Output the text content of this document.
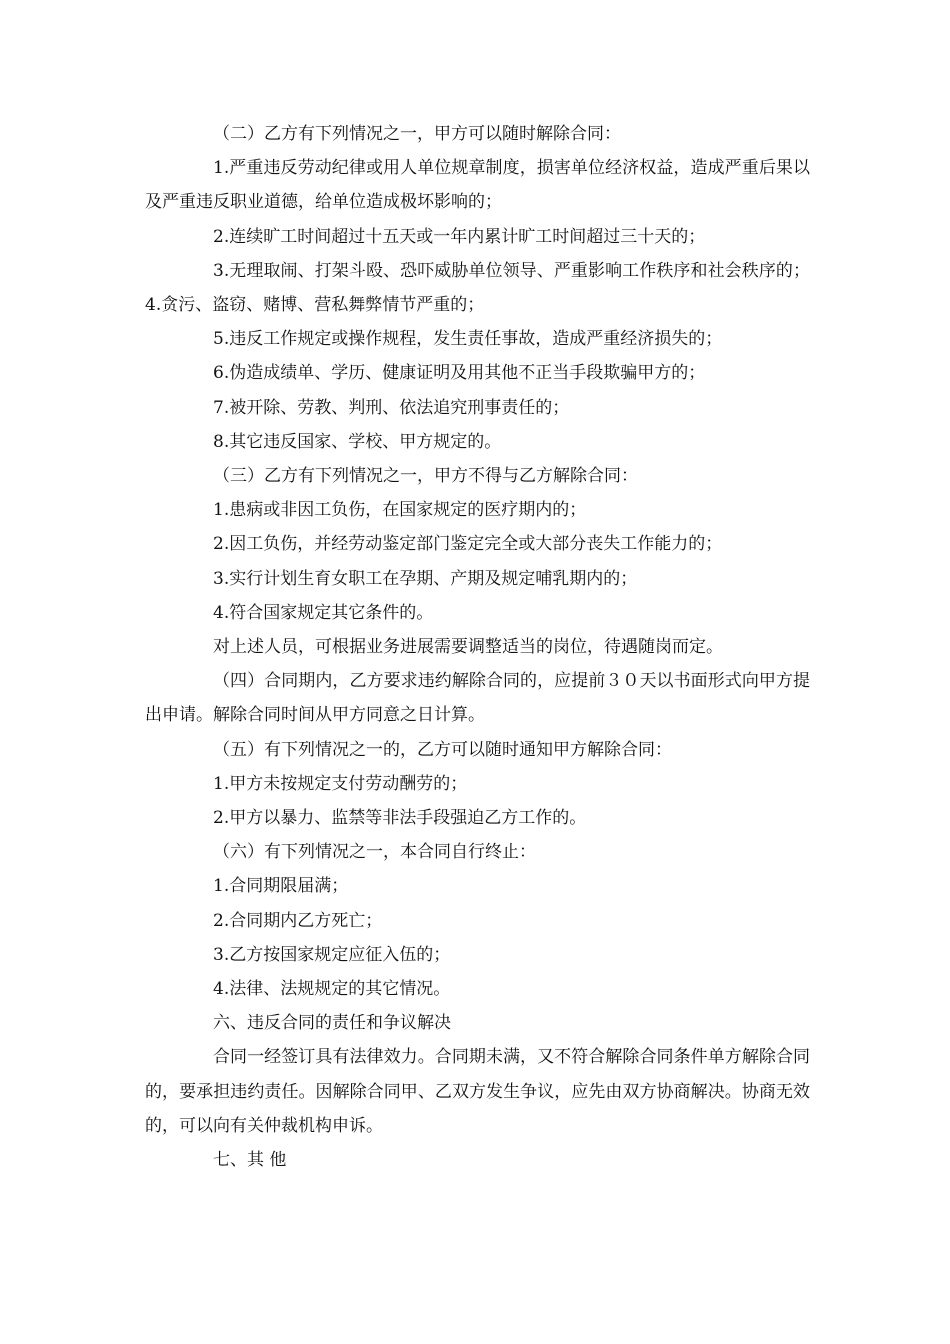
（二）乙方有下列情况之一，甲方可以随时解除合同：

1.严重违反劳动纪律或用人单位规章制度，损害单位经济权益，造成严重后果以及严重违反职业道德，给单位造成极坏影响的；

2.连续旷工时间超过十五天或一年内累计旷工时间超过三十天的；

3.无理取闹、打架斗殴、恐吓威胁单位领导、严重影响工作秩序和社会秩序的；4.贪污、盗窃、赌博、营私舞弊情节严重的；

5.违反工作规定或操作规程，发生责任事故，造成严重经济损失的；

6.伪造成绩单、学历、健康证明及用其他不正当手段欺骗甲方的；

7.被开除、劳教、判刑、依法追究刑事责任的；

8.其它违反国家、学校、甲方规定的。

（三）乙方有下列情况之一，甲方不得与乙方解除合同：

1.患病或非因工负伤，在国家规定的医疗期内的；

2.因工负伤，并经劳动鉴定部门鉴定完全或大部分丧失工作能力的；

3.实行计划生育女职工在孕期、产期及规定哺乳期内的；

4.符合国家规定其它条件的。

对上述人员，可根据业务进展需要调整适当的岗位，待遇随岗而定。

（四）合同期内，乙方要求违约解除合同的，应提前３０天以书面形式向甲方提出申请。解除合同时间从甲方同意之日计算。

（五）有下列情况之一的，乙方可以随时通知甲方解除合同：

1.甲方未按规定支付劳动酬劳的；

2.甲方以暴力、监禁等非法手段强迫乙方工作的。

（六）有下列情况之一，本合同自行终止：

1.合同期限届满；

2.合同期内乙方死亡；

3.乙方按国家规定应征入伍的；

4.法律、法规规定的其它情况。

六、违反合同的责任和争议解决

合同一经签订具有法律效力。合同期未满，又不符合解除合同条件单方解除合同的，要承担违约责任。因解除合同甲、乙双方发生争议，应先由双方协商解决。协商无效的，可以向有关仲裁机构申诉。

七、其 他
